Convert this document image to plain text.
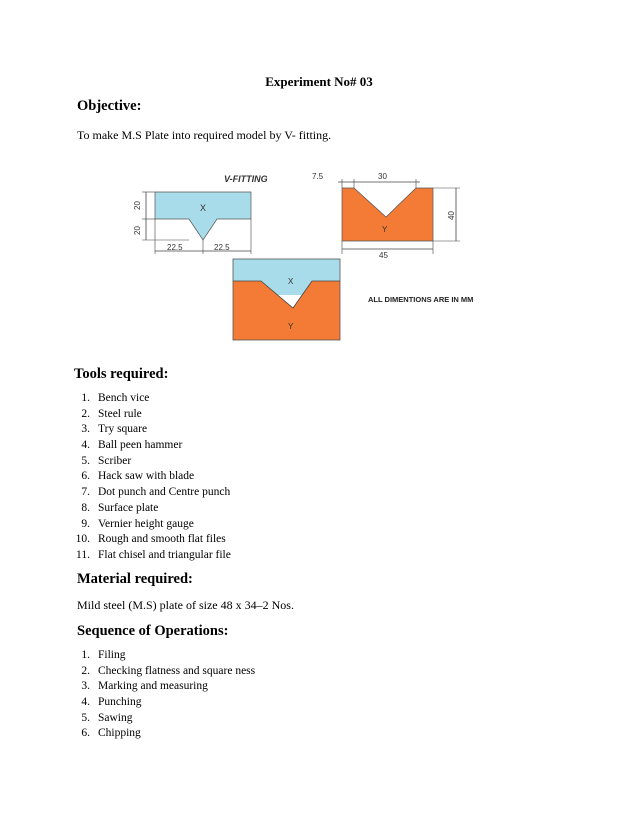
Experiment No# 03
Objective:
To make M.S Plate into required model by V- fitting.
V-FITTING
X
20
20
22.5	22.5
Y
7.5	30
45
40
X
Y
ALL DIMENTIONS ARE IN MM
Tools required:
1. Bench vice
2. Steel rule
3. Try square
4. Ball peen hammer
5. Scriber
6. Hack saw with blade
7. Dot punch and Centre punch
8. Surface plate
9. Vernier height gauge
10. Rough and smooth flat files
11. Flat chisel and triangular file
Material required:
Mild steel (M.S) plate of size 48 x 34–2 Nos.
Sequence of Operations:
1. Filing
2. Checking flatness and square ness
3. Marking and measuring
4. Punching
5. Sawing
6. Chipping
